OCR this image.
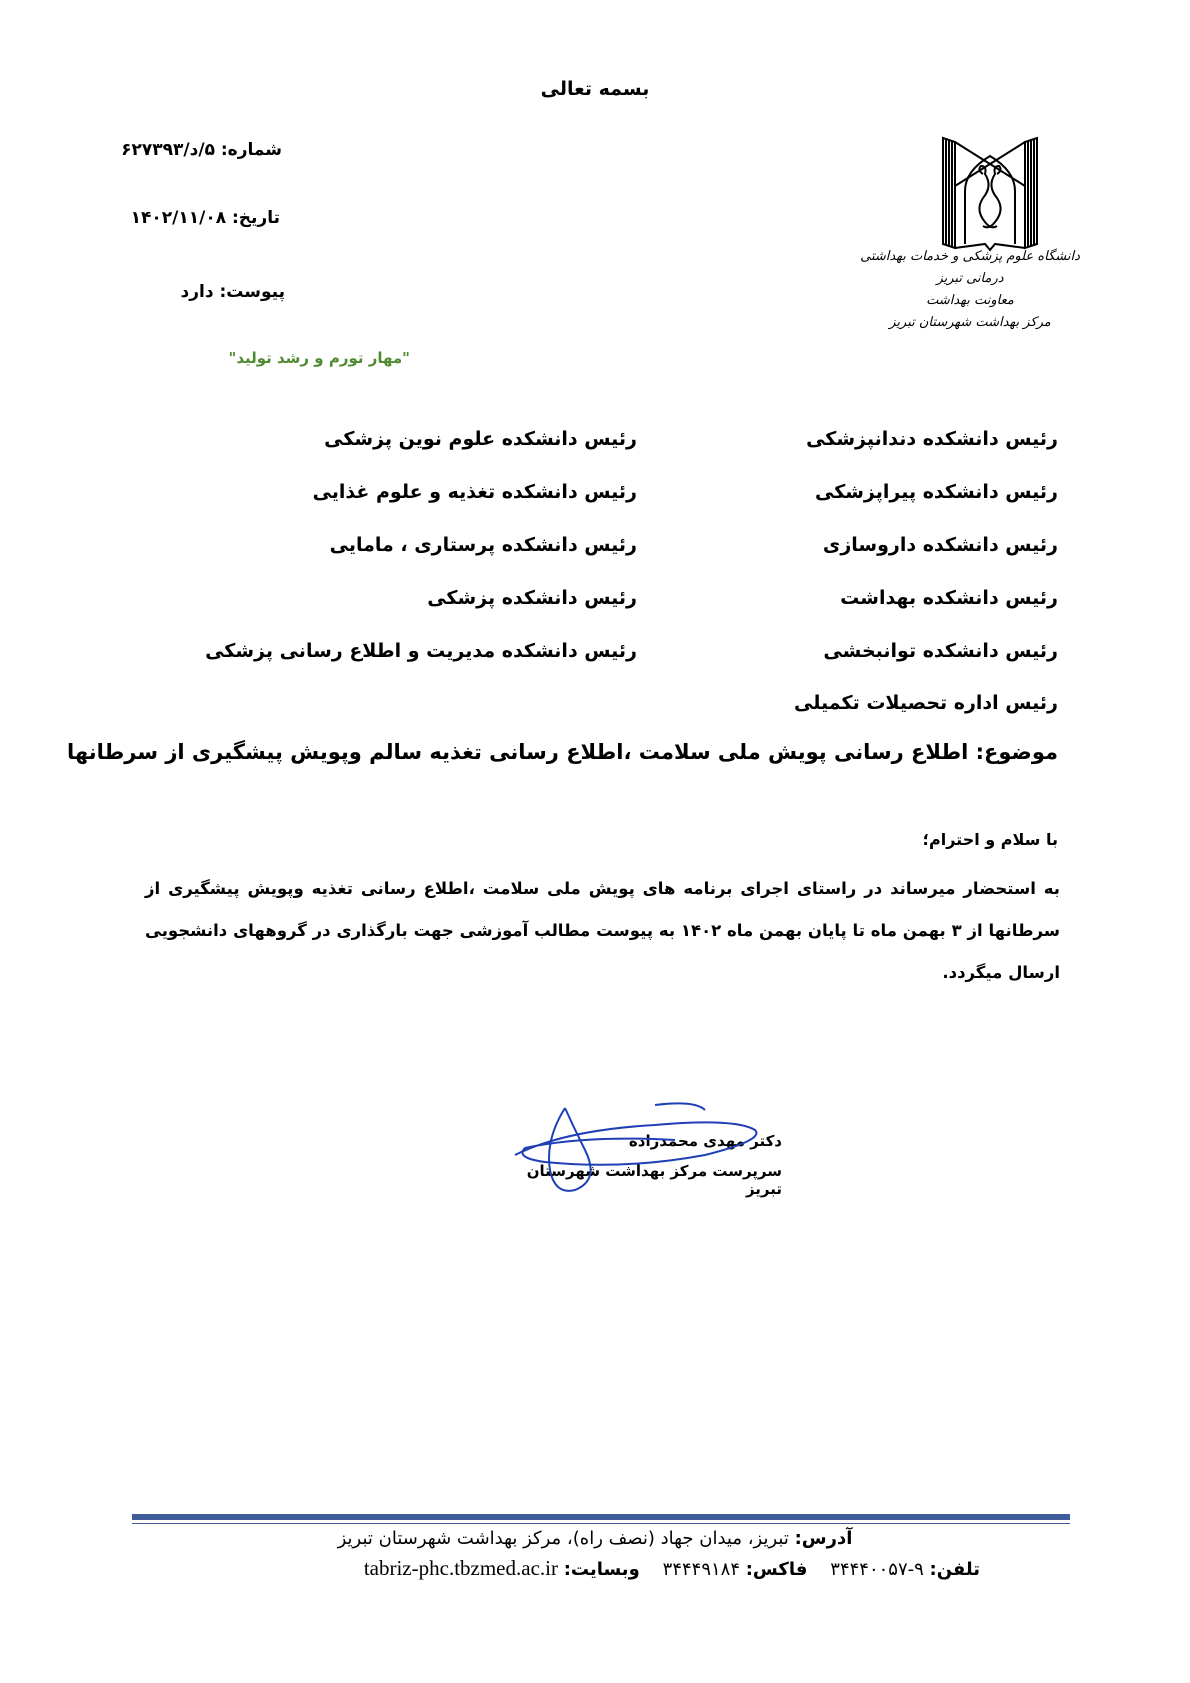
بسمه تعالی
شماره: ۵/د/۶۲۷۳۹۳
تاریخ: ۱۴۰۲/۱۱/۰۸
پیوست: دارد
"مهار تورم و رشد تولید"
دانشگاه علوم پزشکی و خدمات بهداشتی درمانی تبریز
معاونت بهداشت
مرکز بهداشت شهرستان تبریز
رئیس دانشکده دندانپزشکی
رئیس دانشکده پیراپزشکی
رئیس دانشکده داروسازی
رئیس دانشکده بهداشت
رئیس دانشکده توانبخشی
رئیس اداره تحصیلات تکمیلی
رئیس دانشکده علوم نوین پزشکی
رئیس دانشکده تغذیه و علوم غذایی
رئیس دانشکده پرستاری ، مامایی
رئیس دانشکده پزشکی
رئیس دانشکده مدیریت و اطلاع رسانی پزشکی
موضوع: اطلاع رسانی پویش ملی سلامت ،اطلاع رسانی تغذیه سالم وپویش پیشگیری از سرطانها
با سلام و احترام؛
به استحضار میرساند در راستای اجرای برنامه های پویش ملی سلامت ،اطلاع رسانی تغذیه وپویش پیشگیری از سرطانها از ۳ بهمن ماه تا پایان بهمن ماه ۱۴۰۲ به پیوست مطالب آموزشی جهت بارگذاری در گروههای دانشجویی ارسال میگردد.
دکتر مهدی محمدزاده
سرپرست مرکز بهداشت شهرستان تبریز
آدرس: تبریز، میدان جهاد (نصف راه)، مرکز بهداشت شهرستان تبریز
تلفن: ۹-۳۴۴۴۰۰۵۷    فاکس: ۳۴۴۴۹۱۸۴    وبسایت: tabriz-phc.tbzmed.ac.ir
